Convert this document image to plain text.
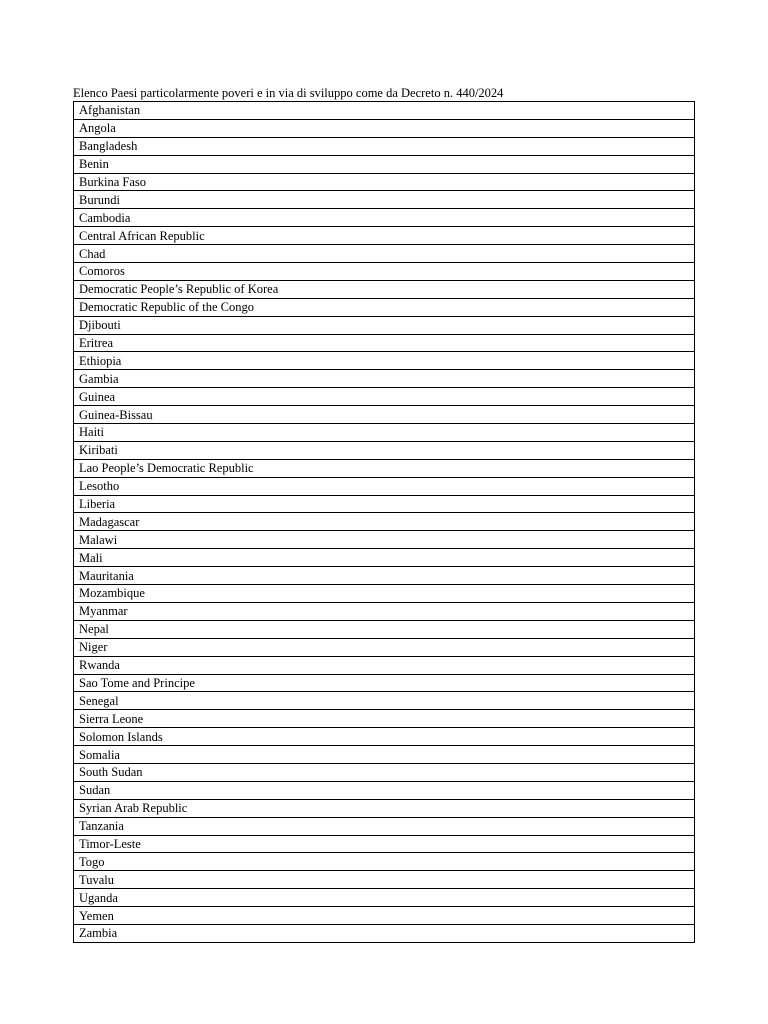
Elenco Paesi particolarmente poveri e in via di sviluppo come da Decreto n. 440/2024
Afghanistan
Angola
Bangladesh
Benin
Burkina Faso
Burundi
Cambodia
Central African Republic
Chad
Comoros
Democratic People’s Republic of Korea
Democratic Republic of the Congo
Djibouti
Eritrea
Ethiopia
Gambia
Guinea
Guinea-Bissau
Haiti
Kiribati
Lao People’s Democratic Republic
Lesotho
Liberia
Madagascar
Malawi
Mali
Mauritania
Mozambique
Myanmar
Nepal
Niger
Rwanda
Sao Tome and Principe
Senegal
Sierra Leone
Solomon Islands
Somalia
South Sudan
Sudan
Syrian Arab Republic
Tanzania
Timor-Leste
Togo
Tuvalu
Uganda
Yemen
Zambia
